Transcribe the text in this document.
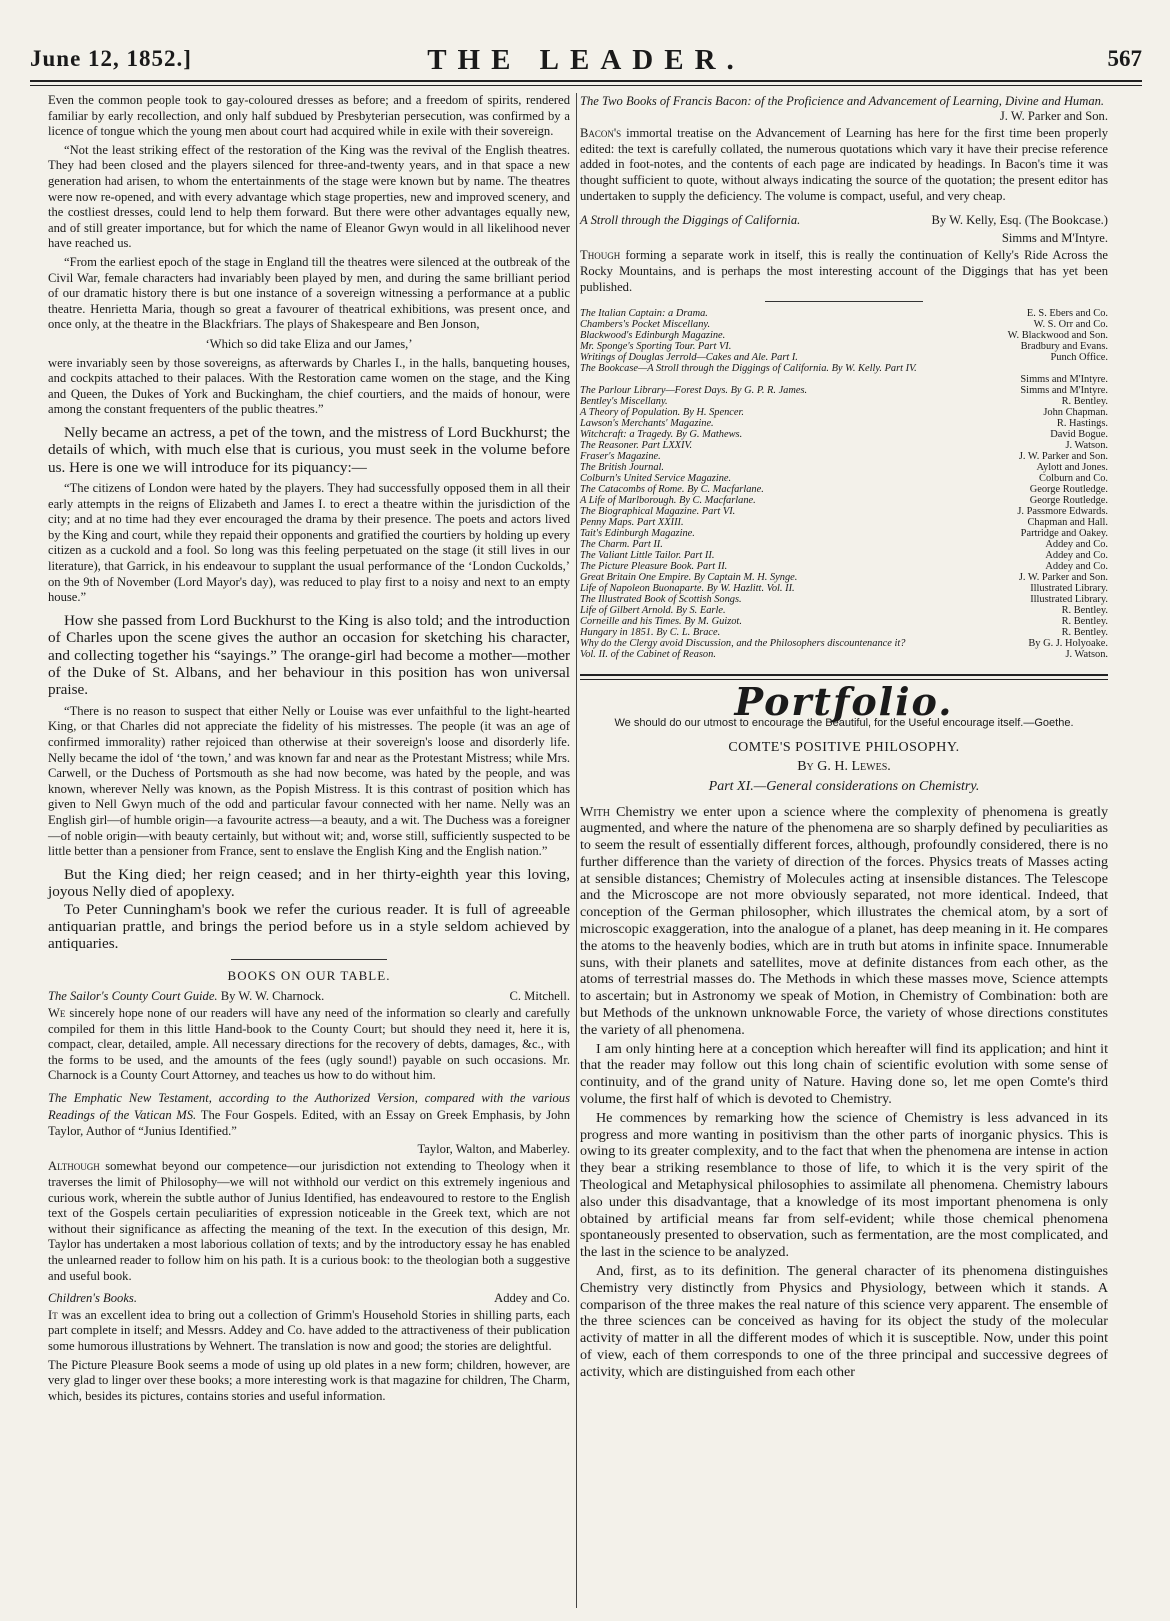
June 12, 1852.]	THE LEADER.	567

Even the common people took to gay-coloured dresses as before; and a freedom of spirits, rendered familiar by early recollection, and only half subdued by Presbyterian persecution, was confirmed by a licence of tongue which the young men about court had acquired while in exile with their sovereign.

“Not the least striking effect of the restoration of the King was the revival of the English theatres. They had been closed and the players silenced for three-and-twenty years, and in that space a new generation had arisen, to whom the entertainments of the stage were known but by name. The theatres were now re-opened, and with every advantage which stage properties, new and improved scenery, and the costliest dresses, could lend to help them forward. But there were other advantages equally new, and of still greater importance, but for which the name of Eleanor Gwyn would in all likelihood never have reached us.

“From the earliest epoch of the stage in England till the theatres were silenced at the outbreak of the Civil War, female characters had invariably been played by men, and during the same brilliant period of our dramatic history there is but one instance of a sovereign witnessing a performance at a public theatre. Henrietta Maria, though so great a favourer of theatrical exhibitions, was present once, and once only, at the theatre in the Blackfriars. The plays of Shakespeare and Ben Jonson,

‘Which so did take Eliza and our James,’

were invariably seen by those sovereigns, as afterwards by Charles I., in the halls, banqueting houses, and cockpits attached to their palaces. With the Restoration came women on the stage, and the King and Queen, the Dukes of York and Buckingham, the chief courtiers, and the maids of honour, were among the constant frequenters of the public theatres.”

Nelly became an actress, a pet of the town, and the mistress of Lord Buckhurst; the details of which, with much else that is curious, you must seek in the volume before us. Here is one we will introduce for its piquancy:—

“The citizens of London were hated by the players. They had successfully opposed them in all their early attempts in the reigns of Elizabeth and James I. to erect a theatre within the jurisdiction of the city; and at no time had they ever encouraged the drama by their presence. The poets and actors lived by the King and court, while they repaid their opponents and gratified the courtiers by holding up every citizen as a cuckold and a fool. So long was this feeling perpetuated on the stage (it still lives in our literature), that Garrick, in his endeavour to supplant the usual performance of the ‘London Cuckolds,’ on the 9th of November (Lord Mayor's day), was reduced to play first to a noisy and next to an empty house.”

How she passed from Lord Buckhurst to the King is also told; and the introduction of Charles upon the scene gives the author an occasion for sketching his character, and collecting together his “sayings.” The orange-girl had become a mother—mother of the Duke of St. Albans, and her behaviour in this position has won universal praise.

“There is no reason to suspect that either Nelly or Louise was ever unfaithful to the light-hearted King, or that Charles did not appreciate the fidelity of his mistresses. The people (it was an age of confirmed immorality) rather rejoiced than otherwise at their sovereign's loose and disorderly life. Nelly became the idol of ‘the town,’ and was known far and near as the Protestant Mistress; while Mrs. Carwell, or the Duchess of Portsmouth as she had now become, was hated by the people, and was known, wherever Nelly was known, as the Popish Mistress. It is this contrast of position which has given to Nell Gwyn much of the odd and particular favour connected with her name. Nelly was an English girl—of humble origin—a favourite actress—a beauty, and a wit. The Duchess was a foreigner—of noble origin—with beauty certainly, but without wit; and, worse still, sufficiently suspected to be little better than a pensioner from France, sent to enslave the English King and the English nation.”

But the King died; her reign ceased; and in her thirty-eighth year this loving, joyous Nelly died of apoplexy.

To Peter Cunningham's book we refer the curious reader. It is full of agreeable antiquarian prattle, and brings the period before us in a style seldom achieved by antiquaries.

BOOKS ON OUR TABLE.
The Sailor's County Court Guide. By W. W. Charnock.	C. Mitchell.

We sincerely hope none of our readers will have any need of the information so clearly and carefully compiled for them in this little Hand-book to the County Court; but should they need it, here it is, compact, clear, detailed, ample. All necessary directions for the recovery of debts, damages, &c., with the forms to be used, and the amounts of the fees (ugly sound!) payable on such occasions. Mr. Charnock is a County Court Attorney, and teaches us how to do without him.

The Emphatic New Testament, according to the Authorized Version, compared with the various Readings of the Vatican MS. The Four Gospels. Edited, with an Essay on Greek Emphasis, by John Taylor, Author of “Junius Identified.”
Taylor, Walton, and Maberley.

Although somewhat beyond our competence—our jurisdiction not extending to Theology when it traverses the limit of Philosophy—we will not withhold our verdict on this extremely ingenious and curious work, wherein the subtle author of Junius Identified, has endeavoured to restore to the English text of the Gospels certain peculiarities of expression noticeable in the Greek text, which are not without their significance as affecting the meaning of the text. In the execution of this design, Mr. Taylor has undertaken a most laborious collation of texts; and by the introductory essay he has enabled the unlearned reader to follow him on his path. It is a curious book: to the theologian both a suggestive and useful book.

Children's Books.	Addey and Co.

It was an excellent idea to bring out a collection of Grimm's Household Stories in shilling parts, each part complete in itself; and Messrs. Addey and Co. have added to the attractiveness of their publication some humorous illustrations by Wehnert. The translation is now and good; the stories are delightful.

The Picture Pleasure Book seems a mode of using up old plates in a new form; children, however, are very glad to linger over these books; a more interesting work is that magazine for children, The Charm, which, besides its pictures, contains stories and useful information.

The Two Books of Francis Bacon: of the Proficience and Advancement of Learning, Divine and Human.
J. W. Parker and Son.

Bacon's immortal treatise on the Advancement of Learning has here for the first time been properly edited: the text is carefully collated, the numerous quotations which vary it have their precise reference added in foot-notes, and the contents of each page are indicated by headings. In Bacon's time it was thought sufficient to quote, without always indicating the source of the quotation; the present editor has undertaken to supply the deficiency. The volume is compact, useful, and very cheap.

A Stroll through the Diggings of California.	By W. Kelly, Esq. (The Bookcase.)
Simms and M'Intyre.

Though forming a separate work in itself, this is really the continuation of Kelly's Ride Across the Rocky Mountains, and is perhaps the most interesting account of the Diggings that has yet been published.

The Italian Captain: a Drama.	E. S. Ebers and Co.
Chambers's Pocket Miscellany.	W. S. Orr and Co.
Blackwood's Edinburgh Magazine.	W. Blackwood and Son.
Mr. Sponge's Sporting Tour. Part VI.	Bradbury and Evans.
Writings of Douglas Jerrold—Cakes and Ale. Part I.	Punch Office.
The Bookcase—A Stroll through the Diggings of California. By W. Kelly. Part IV.	
	Simms and M'Intyre.
The Parlour Library—Forest Days. By G. P. R. James.	Simms and M'Intyre.
Bentley's Miscellany.	R. Bentley.
A Theory of Population. By H. Spencer.	John Chapman.
Lawson's Merchants' Magazine.	R. Hastings.
Witchcraft: a Tragedy. By G. Mathews.	David Bogue.
The Reasoner. Part LXXIV.	J. Watson.
Fraser's Magazine.	J. W. Parker and Son.
The British Journal.	Aylott and Jones.
Colburn's United Service Magazine.	Colburn and Co.
The Catacombs of Rome. By C. Macfarlane.	George Routledge.
A Life of Marlborough. By C. Macfarlane.	George Routledge.
The Biographical Magazine. Part VI.	J. Passmore Edwards.
Penny Maps. Part XXIII.	Chapman and Hall.
Tait's Edinburgh Magazine.	Partridge and Oakey.
The Charm. Part II.	Addey and Co.
The Valiant Little Tailor. Part II.	Addey and Co.
The Picture Pleasure Book. Part II.	Addey and Co.
Great Britain One Empire. By Captain M. H. Synge.	J. W. Parker and Son.
Life of Napoleon Buonaparte. By W. Hazlitt. Vol. II.	Illustrated Library.
The Illustrated Book of Scottish Songs.	Illustrated Library.
Life of Gilbert Arnold. By S. Earle.	R. Bentley.
Corneille and his Times. By M. Guizot.	R. Bentley.
Hungary in 1851. By C. L. Brace.	R. Bentley.
Why do the Clergy avoid Discussion, and the Philosophers discountenance it?	By G. J. Holyoake.
Vol. II. of the Cabinet of Reason.	J. Watson.
Portfolio.
We should do our utmost to encourage the Beautiful, for the Useful encourage itself.—Goethe.
COMTE'S POSITIVE PHILOSOPHY.
By G. H. Lewes.
Part XI.—General considerations on Chemistry.

With Chemistry we enter upon a science where the complexity of phenomena is greatly augmented, and where the nature of the phenomena are so sharply defined by peculiarities as to seem the result of essentially different forces, although, profoundly considered, there is no further difference than the variety of direction of the forces. Physics treats of Masses acting at sensible distances; Chemistry of Molecules acting at insensible distances. The Telescope and the Microscope are not more obviously separated, not more identical. Indeed, that conception of the German philosopher, which illustrates the chemical atom, by a sort of microscopic exaggeration, into the analogue of a planet, has deep meaning in it. He compares the atoms to the heavenly bodies, which are in truth but atoms in infinite space. Innumerable suns, with their planets and satellites, move at definite distances from each other, as the atoms of terrestrial masses do. The Methods in which these masses move, Science attempts to ascertain; but in Astronomy we speak of Motion, in Chemistry of Combination: both are but Methods of the unknown unknowable Force, the variety of whose directions constitutes the variety of all phenomena.

I am only hinting here at a conception which hereafter will find its application; and hint it that the reader may follow out this long chain of scientific evolution with some sense of continuity, and of the grand unity of Nature. Having done so, let me open Comte's third volume, the first half of which is devoted to Chemistry.

He commences by remarking how the science of Chemistry is less advanced in its progress and more wanting in positivism than the other parts of inorganic physics. This is owing to its greater complexity, and to the fact that when the phenomena are intense in action they bear a striking resemblance to those of life, to which it is the very spirit of the Theological and Metaphysical philosophies to assimilate all phenomena. Chemistry labours also under this disadvantage, that a knowledge of its most important phenomena is only obtained by artificial means far from self-evident; while those chemical phenomena spontaneously presented to observation, such as fermentation, are the most complicated, and the last in the science to be analyzed.

And, first, as to its definition. The general character of its phenomena distinguishes Chemistry very distinctly from Physics and Physiology, between which it stands. A comparison of the three makes the real nature of this science very apparent. The ensemble of the three sciences can be conceived as having for its object the study of the molecular activity of matter in all the different modes of which it is susceptible. Now, under this point of view, each of them corresponds to one of the three principal and successive degrees of activity, which are distinguished from each other
